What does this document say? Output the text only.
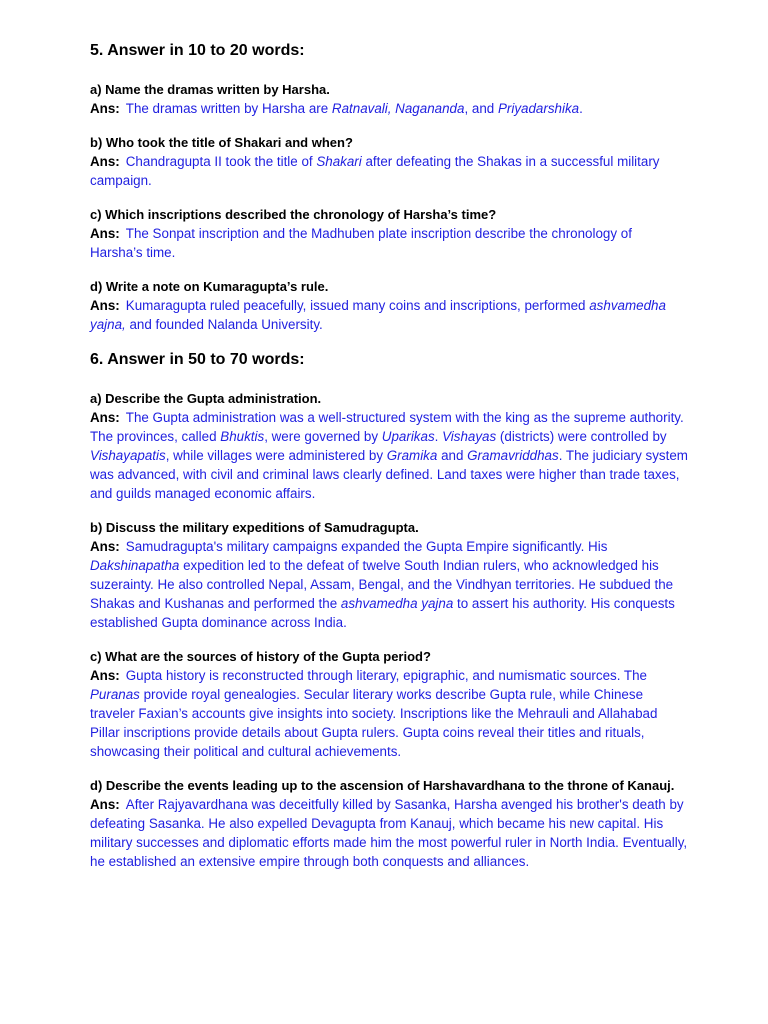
5. Answer in 10 to 20 words:

a) Name the dramas written by Harsha.

Ans: The dramas written by Harsha are Ratnavali, Nagananda, and Priyadarshika.

b) Who took the title of Shakari and when?

Ans: Chandragupta II took the title of Shakari after defeating the Shakas in a successful military campaign.

c) Which inscriptions described the chronology of Harsha’s time?

Ans: The Sonpat inscription and the Madhuben plate inscription describe the chronology of Harsha’s time.

d) Write a note on Kumaragupta’s rule.

Ans: Kumaragupta ruled peacefully, issued many coins and inscriptions, performed ashvamedha yajna, and founded Nalanda University.

6. Answer in 50 to 70 words:

a) Describe the Gupta administration.

Ans: The Gupta administration was a well-structured system with the king as the supreme authority. The provinces, called Bhuktis, were governed by Uparikas. Vishayas (districts) were controlled by Vishayapatis, while villages were administered by Gramika and Gramavriddhas. The judiciary system was advanced, with civil and criminal laws clearly defined. Land taxes were higher than trade taxes, and guilds managed economic affairs.

b) Discuss the military expeditions of Samudragupta.

Ans: Samudragupta's military campaigns expanded the Gupta Empire significantly. His Dakshinapatha expedition led to the defeat of twelve South Indian rulers, who acknowledged his suzerainty. He also controlled Nepal, Assam, Bengal, and the Vindhyan territories. He subdued the Shakas and Kushanas and performed the ashvamedha yajna to assert his authority. His conquests established Gupta dominance across India.

c) What are the sources of history of the Gupta period?

Ans: Gupta history is reconstructed through literary, epigraphic, and numismatic sources. The Puranas provide royal genealogies. Secular literary works describe Gupta rule, while Chinese traveler Faxian’s accounts give insights into society. Inscriptions like the Mehrauli and Allahabad Pillar inscriptions provide details about Gupta rulers. Gupta coins reveal their titles and rituals, showcasing their political and cultural achievements.

d) Describe the events leading up to the ascension of Harshavardhana to the throne of Kanauj.

Ans: After Rajyavardhana was deceitfully killed by Sasanka, Harsha avenged his brother's death by defeating Sasanka. He also expelled Devagupta from Kanauj, which became his new capital. His military successes and diplomatic efforts made him the most powerful ruler in North India. Eventually, he established an extensive empire through both conquests and alliances.
